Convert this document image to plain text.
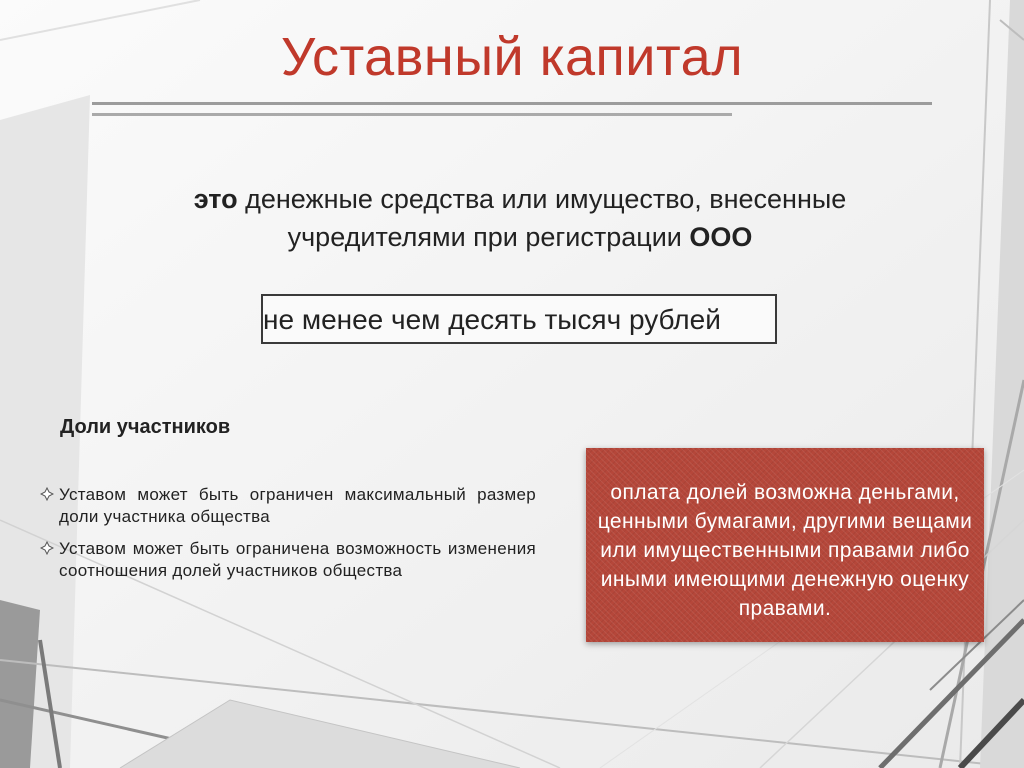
Уставный капитал
это денежные средства или имущество, внесенные учредителями при регистрации ООО
не менее чем десять тысяч рублей
Доли участников
Уставом может быть ограничен максимальный размер доли участника общества
Уставом может быть ограничена возможность изменения соотношения долей участников общества
оплата долей возможна деньгами, ценными бумагами, другими вещами или имущественными правами либо иными имеющими денежную оценку правами.
